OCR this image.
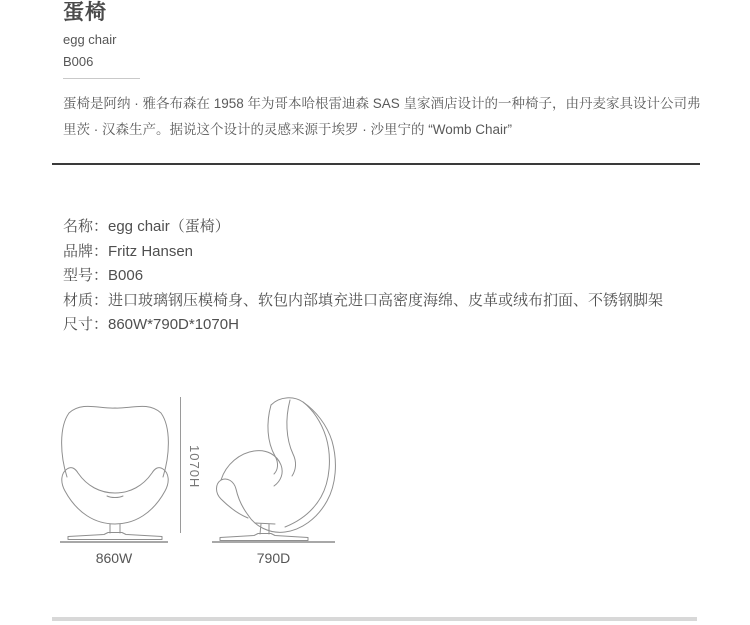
蛋椅
egg chair
B006

蛋椅是阿纳 · 雅各布森在 1958 年为哥本哈根雷迪森 SAS 皇家酒店设计的一种椅子，由丹麦家具设计公司弗里茨 · 汉森生产。据说这个设计的灵感来源于埃罗 · 沙里宁的 “Womb Chair”

名称：egg chair（蛋椅）
品牌：Fritz Hansen
型号：B006
材质：进口玻璃钢压模椅身、软包内部填充进口高密度海绵、皮革或绒布扪面、不锈钢脚架
尺寸：860W*790D*1070H
1070H
860W	790D
